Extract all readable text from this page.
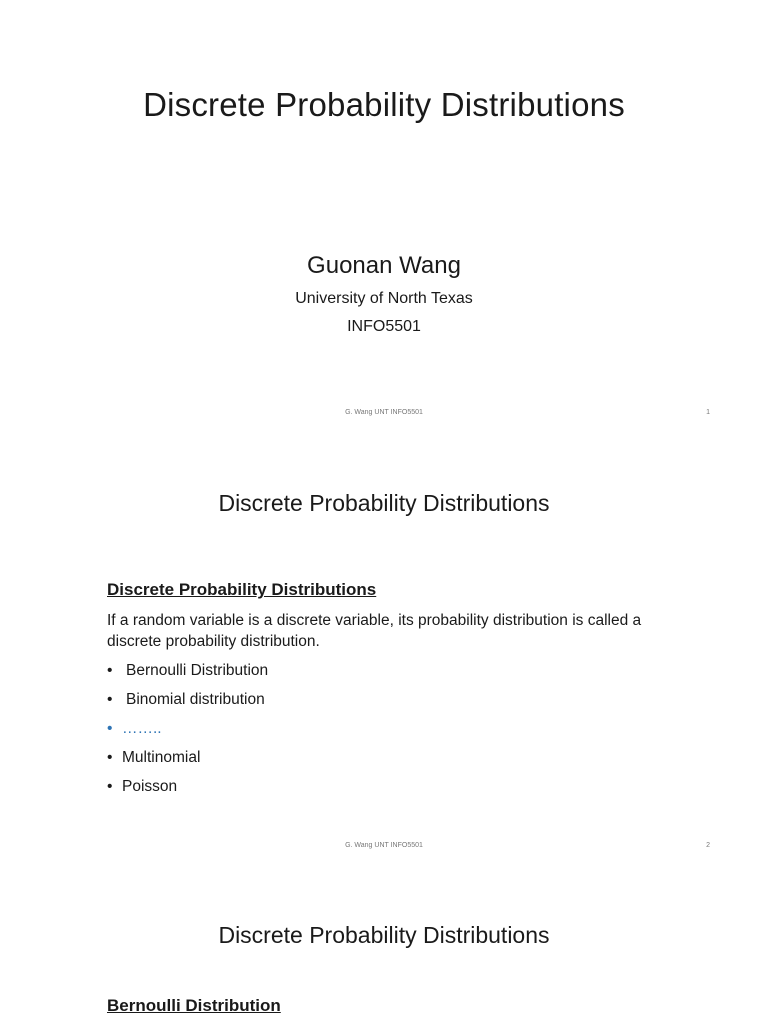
Discrete Probability Distributions

Guonan Wang

University of North Texas

INFO5501

G. Wang UNT INFO5501	1
Discrete Probability Distributions
Discrete Probability Distributions

If a random variable is a discrete variable, its probability distribution is called a discrete probability distribution.

• Bernoulli Distribution
• Binomial distribution
• ……..
• Multinomial
• Poisson
G. Wang UNT INFO5501	2
Discrete Probability Distributions
Bernoulli Distribution
